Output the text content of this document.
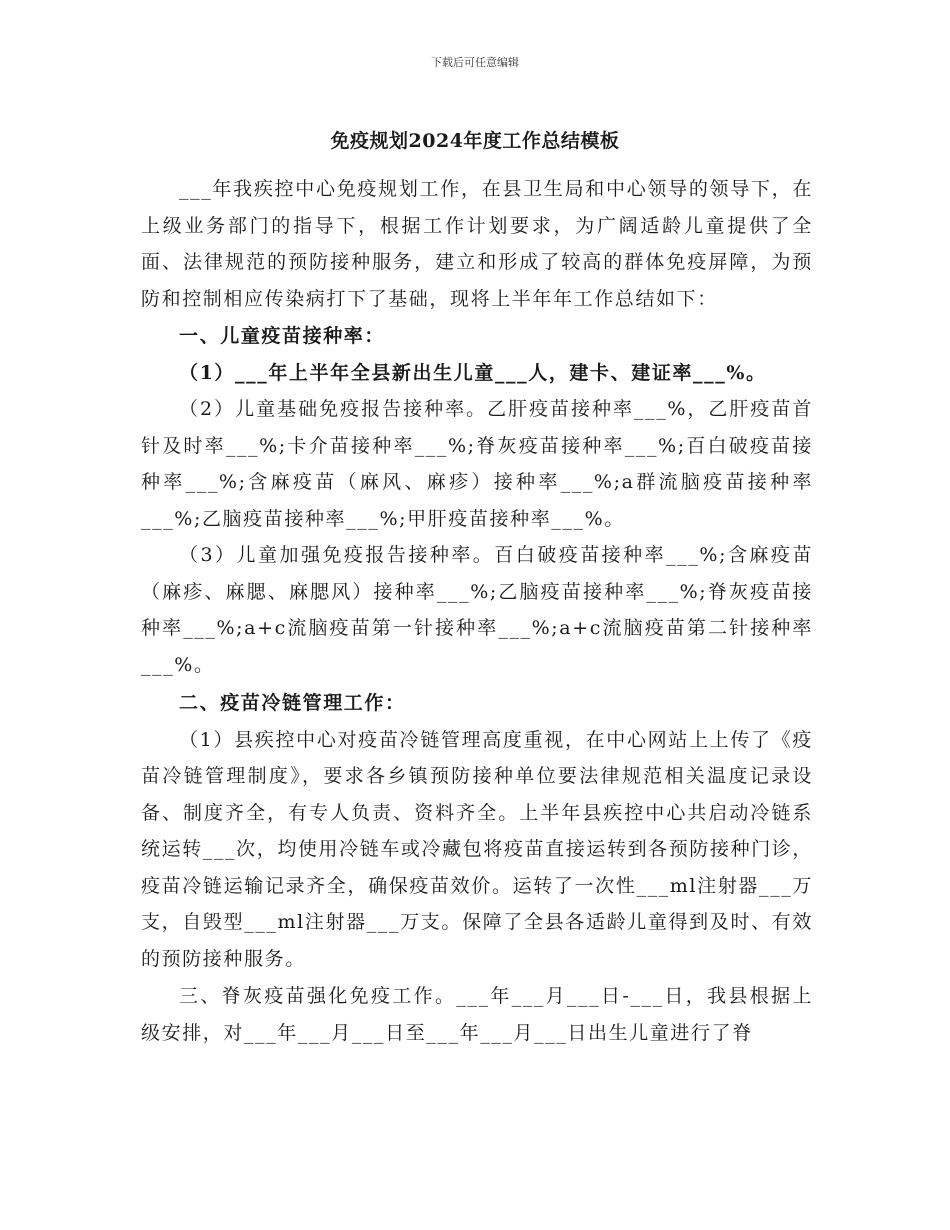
下载后可任意编辑
免疫规划2024年度工作总结模板

___年我疾控中心免疫规划工作，在县卫生局和中心领导的领导下，在上级业务部门的指导下，根据工作计划要求，为广阔适龄儿童提供了全面、法律规范的预防接种服务，建立和形成了较高的群体免疫屏障，为预防和控制相应传染病打下了基础，现将上半年年工作总结如下：

一、儿童疫苗接种率：

（1）___年上半年全县新出生儿童___人，建卡、建证率___%。

（2）儿童基础免疫报告接种率。乙肝疫苗接种率___%，乙肝疫苗首针及时率___%;卡介苗接种率___%;脊灰疫苗接种率___%;百白破疫苗接种率___%;含麻疫苗（麻风、麻疹）接种率___%;a群流脑疫苗接种率___%;乙脑疫苗接种率___%;甲肝疫苗接种率___%。

（3）儿童加强免疫报告接种率。百白破疫苗接种率___%;含麻疫苗（麻疹、麻腮、麻腮风）接种率___%;乙脑疫苗接种率___%;脊灰疫苗接种率___%;a+c流脑疫苗第一针接种率___%;a+c流脑疫苗第二针接种率___%。

二、疫苗冷链管理工作：

（1）县疾控中心对疫苗冷链管理高度重视，在中心网站上上传了《疫苗冷链管理制度》，要求各乡镇预防接种单位要法律规范相关温度记录设备、制度齐全，有专人负责、资料齐全。上半年县疾控中心共启动冷链系统运转___次，均使用冷链车或冷藏包将疫苗直接运转到各预防接种门诊，疫苗冷链运输记录齐全，确保疫苗效价。运转了一次性___ml注射器___万支，自毁型___ml注射器___万支。保障了全县各适龄儿童得到及时、有效的预防接种服务。

三、脊灰疫苗强化免疫工作。___年___月___日-___日，我县根据上级安排，对___年___月___日至___年___月___日出生儿童进行了脊
